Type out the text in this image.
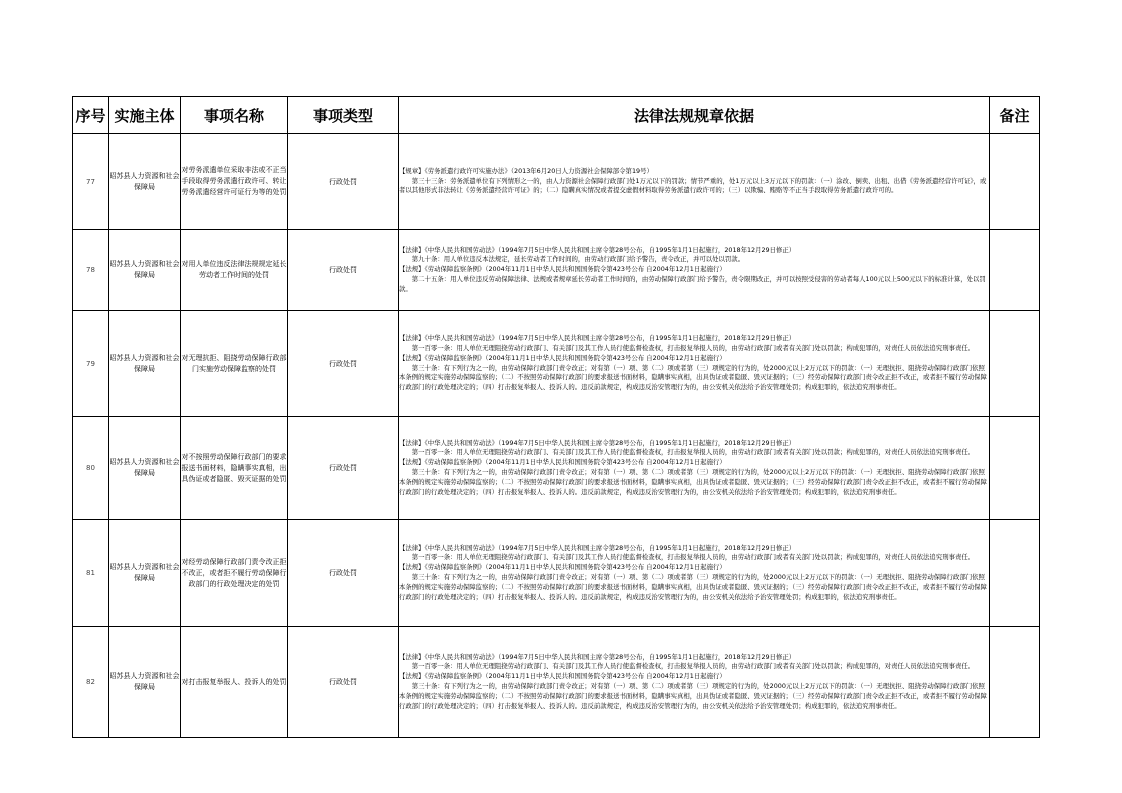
序号	实施主体	事项名称	事项类型	法律法规规章依据	备注
77	昭苏县人力资源和社会保障局	对劳务派遣单位采取非法或不正当手段取得劳务派遣行政许可、转让劳务派遣经营许可证行为等的处罚	行政处罚	【规章】《劳务派遣行政许可实施办法》（2013年6月20日人力资源社会保障部令第19号）
　　第三十三条：劳务派遣单位有下列情形之一的，由人力资源社会保障行政部门处1万元以下的罚款；情节严重的，处1万元以上3万元以下的罚款：（一）涂改、倒卖、出租、出借《劳务派遣经营许可证》，或者以其他形式非法转让《劳务派遣经营许可证》的；（二）隐瞒真实情况或者提交虚假材料取得劳务派遣行政许可的；（三）以欺骗、贿赂等不正当手段取得劳务派遣行政许可的。	

78	昭苏县人力资源和社会保障局	对用人单位违反法律法规规定延长劳动者工作时间的处罚	行政处罚	【法律】《中华人民共和国劳动法》（1994年7月5日中华人民共和国主席令第28号公布，自1995年1月1日起施行，2018年12月29日修正）
　　第九十条：用人单位违反本法规定，延长劳动者工作时间的，由劳动行政部门给予警告，责令改正，并可以处以罚款。
【法规】《劳动保障监察条例》（2004年11月1日中华人民共和国国务院令第423号公布 自2004年12月1日起施行）
　　第二十五条：用人单位违反劳动保障法律、法规或者规章延长劳动者工作时间的，由劳动保障行政部门给予警告，责令限期改正，并可以按照受侵害的劳动者每人100元以上500元以下的标准计算，处以罚款。	

79	昭苏县人力资源和社会保障局	对无理抗拒、阻挠劳动保障行政部门实施劳动保障监察的处罚	行政处罚	【法律】《中华人民共和国劳动法》（1994年7月5日中华人民共和国主席令第28号公布，自1995年1月1日起施行，2018年12月29日修正）
　　第一百零一条：用人单位无理阻挠劳动行政部门、有关部门及其工作人员行使监督检查权，打击报复举报人员的，由劳动行政部门或者有关部门处以罚款；构成犯罪的，对责任人员依法追究刑事责任。
【法规】《劳动保障监察条例》（2004年11月1日中华人民共和国国务院令第423号公布 自2004年12月1日起施行）
　　第三十条：有下列行为之一的，由劳动保障行政部门责令改正；对有第（一）项、第（二）项或者第（三）项规定的行为的，处2000元以上2万元以下的罚款：（一）无理抗拒、阻挠劳动保障行政部门依照本条例的规定实施劳动保障监察的；（二）不按照劳动保障行政部门的要求报送书面材料，隐瞒事实真相，出具伪证或者隐匿、毁灭证据的；（三）经劳动保障行政部门责令改正拒不改正，或者拒不履行劳动保障行政部门的行政处理决定的；（四）打击报复举报人、投诉人的。违反前款规定，构成违反治安管理行为的，由公安机关依法给予治安管理处罚；构成犯罪的，依法追究刑事责任。	

80	昭苏县人力资源和社会保障局	对不按照劳动保障行政部门的要求报送书面材料，隐瞒事实真相，出具伪证或者隐匿、毁灭证据的处罚	行政处罚	【法律】《中华人民共和国劳动法》（1994年7月5日中华人民共和国主席令第28号公布，自1995年1月1日起施行，2018年12月29日修正）
　　第一百零一条：用人单位无理阻挠劳动行政部门、有关部门及其工作人员行使监督检查权，打击报复举报人员的，由劳动行政部门或者有关部门处以罚款；构成犯罪的，对责任人员依法追究刑事责任。
【法规】《劳动保障监察条例》（2004年11月1日中华人民共和国国务院令第423号公布 自2004年12月1日起施行）
　　第三十条：有下列行为之一的，由劳动保障行政部门责令改正；对有第（一）项、第（二）项或者第（三）项规定的行为的，处2000元以上2万元以下的罚款：（一）无理抗拒、阻挠劳动保障行政部门依照本条例的规定实施劳动保障监察的；（二）不按照劳动保障行政部门的要求报送书面材料，隐瞒事实真相，出具伪证或者隐匿、毁灭证据的；（三）经劳动保障行政部门责令改正拒不改正，或者拒不履行劳动保障行政部门的行政处理决定的；（四）打击报复举报人、投诉人的。违反前款规定，构成违反治安管理行为的，由公安机关依法给予治安管理处罚；构成犯罪的，依法追究刑事责任。	

81	昭苏县人力资源和社会保障局	对经劳动保障行政部门责令改正拒不改正，或者拒不履行劳动保障行政部门的行政处理决定的处罚	行政处罚	【法律】《中华人民共和国劳动法》（1994年7月5日中华人民共和国主席令第28号公布，自1995年1月1日起施行，2018年12月29日修正）
　　第一百零一条：用人单位无理阻挠劳动行政部门、有关部门及其工作人员行使监督检查权，打击报复举报人员的，由劳动行政部门或者有关部门处以罚款；构成犯罪的，对责任人员依法追究刑事责任。
【法规】《劳动保障监察条例》（2004年11月1日中华人民共和国国务院令第423号公布 自2004年12月1日起施行）
　　第三十条：有下列行为之一的，由劳动保障行政部门责令改正；对有第（一）项、第（二）项或者第（三）项规定的行为的，处2000元以上2万元以下的罚款：（一）无理抗拒、阻挠劳动保障行政部门依照本条例的规定实施劳动保障监察的；（二）不按照劳动保障行政部门的要求报送书面材料，隐瞒事实真相，出具伪证或者隐匿、毁灭证据的；（三）经劳动保障行政部门责令改正拒不改正，或者拒不履行劳动保障行政部门的行政处理决定的；（四）打击报复举报人、投诉人的。违反前款规定，构成违反治安管理行为的，由公安机关依法给予治安管理处罚；构成犯罪的，依法追究刑事责任。	

82	昭苏县人力资源和社会保障局	对打击报复举报人、投诉人的处罚	行政处罚	【法律】《中华人民共和国劳动法》（1994年7月5日中华人民共和国主席令第28号公布，自1995年1月1日起施行，2018年12月29日修正）
　　第一百零一条：用人单位无理阻挠劳动行政部门、有关部门及其工作人员行使监督检查权，打击报复举报人员的，由劳动行政部门或者有关部门处以罚款；构成犯罪的，对责任人员依法追究刑事责任。
【法规】《劳动保障监察条例》（2004年11月1日中华人民共和国国务院令第423号公布 自2004年12月1日起施行）
　　第三十条：有下列行为之一的，由劳动保障行政部门责令改正；对有第（一）项、第（二）项或者第（三）项规定的行为的，处2000元以上2万元以下的罚款：（一）无理抗拒、阻挠劳动保障行政部门依照本条例的规定实施劳动保障监察的；（二）不按照劳动保障行政部门的要求报送书面材料，隐瞒事实真相，出具伪证或者隐匿、毁灭证据的；（三）经劳动保障行政部门责令改正拒不改正，或者拒不履行劳动保障行政部门的行政处理决定的；（四）打击报复举报人、投诉人的。违反前款规定，构成违反治安管理行为的，由公安机关依法给予治安管理处罚；构成犯罪的，依法追究刑事责任。	
